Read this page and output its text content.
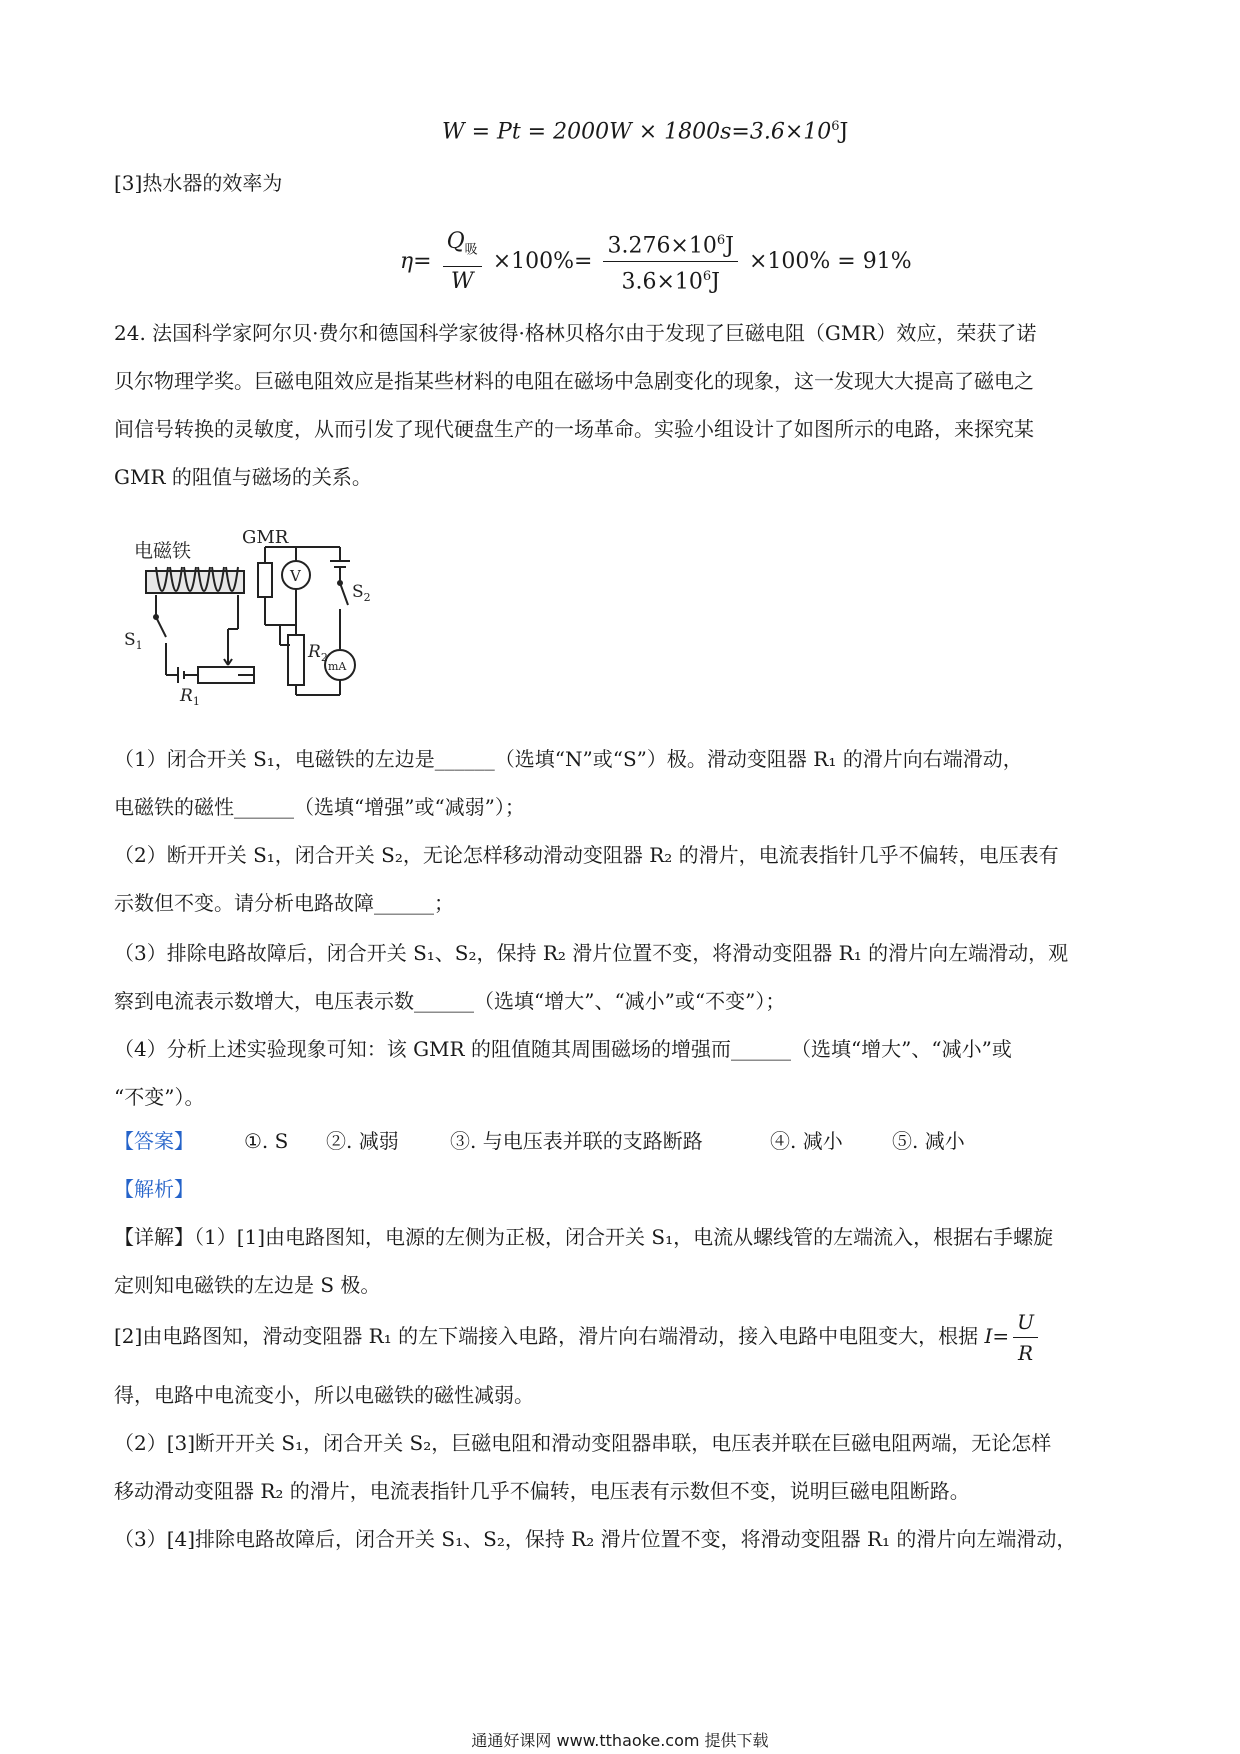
$W = Pt = 2000W \times 1800s=3.6\times 10^6J$
[3]热水器的效率为
$\eta= \frac{Q_吸}{W} \times 100\%= \frac{3.276\times 10^6J}{3.6\times 10^6J} \times 100\% = 91\%$
24. 法国科学家阿尔贝·费尔和德国科学家彼得·格林贝格尔由于发现了巨磁电阻（GMR）效应，荣获了诺
贝尔物理学奖。巨磁电阻效应是指某些材料的电阻在磁场中急剧变化的现象，这一发现大大提高了磁电之
间信号转换的灵敏度，从而引发了现代硬盘生产的一场革命。实验小组设计了如图所示的电路，来探究某
GMR 的阻值与磁场的关系。
电磁铁
GMR
V
mA
$S_1$
$S_2$
$R_1$
$R_2$
（1）闭合开关 S₁，电磁铁的左边是______（选填“N”或“S”）极。滑动变阻器 R₁ 的滑片向右端滑动，
电磁铁的磁性______（选填“增强”或“减弱”）；
（2）断开开关 S₁，闭合开关 S₂，无论怎样移动滑动变阻器 R₂ 的滑片，电流表指针几乎不偏转，电压表有
示数但不变。请分析电路故障______；
（3）排除电路故障后，闭合开关 S₁、S₂，保持 R₂ 滑片位置不变，将滑动变阻器 R₁ 的滑片向左端滑动，观
察到电流表示数增大，电压表示数______（选填“增大”、“减小”或“不变”）；
（4）分析上述实验现象可知：该 GMR 的阻值随其周围磁场的增强而______（选填“增大”、“减小”或
“不变”）。
【答案】	①. S ②. 减弱	③. 与电压表并联的支路断路	④. 减小 ⑤. 减小
【解析】
【详解】（1）[1]由电路图知，电源的左侧为正极，闭合开关 S₁，电流从螺线管的左端流入，根据右手螺旋
定则知电磁铁的左边是 S 极。
[2]由电路图知，滑动变阻器 R₁ 的左下端接入电路，滑片向右端滑动，接入电路中电阻变大，根据 $I= \frac{U}{R}$
得，电路中电流变小，所以电磁铁的磁性减弱。
（2）[3]断开开关 S₁，闭合开关 S₂，巨磁电阻和滑动变阻器串联，电压表并联在巨磁电阻两端，无论怎样
移动滑动变阻器 R₂ 的滑片，电流表指针几乎不偏转，电压表有示数但不变，说明巨磁电阻断路。
（3）[4]排除电路故障后，闭合开关 S₁、S₂，保持 R₂ 滑片位置不变，将滑动变阻器 R₁ 的滑片向左端滑动，
通通好课网 www.tthaoke.com 提供下载
